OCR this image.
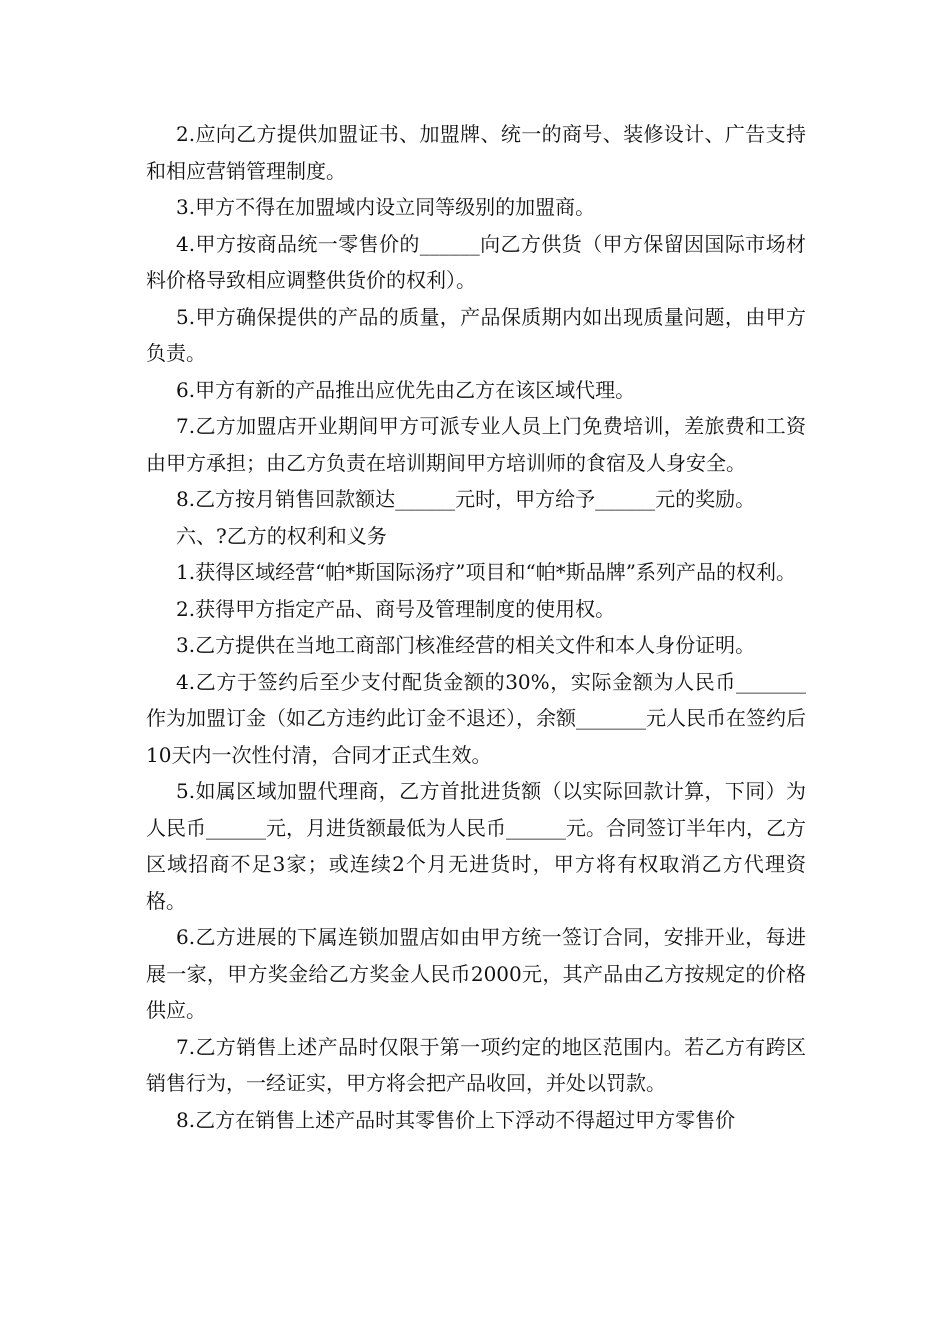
2.应向乙方提供加盟证书、加盟牌、统一的商号、装修设计、广告支持和相应营销管理制度。

3.甲方不得在加盟域内设立同等级别的加盟商。

4.甲方按商品统一零售价的______向乙方供货（甲方保留因国际市场材料价格导致相应调整供货价的权利）。

5.甲方确保提供的产品的质量，产品保质期内如出现质量问题，由甲方负责。

6.甲方有新的产品推出应优先由乙方在该区域代理。

7.乙方加盟店开业期间甲方可派专业人员上门免费培训，差旅费和工资由甲方承担；由乙方负责在培训期间甲方培训师的食宿及人身安全。

8.乙方按月销售回款额达______元时，甲方给予______元的奖励。

六、?乙方的权利和义务

1.获得区域经营“帕*斯国际汤疗”项目和“帕*斯品牌”系列产品的权利。

2.获得甲方指定产品、商号及管理制度的使用权。

3.乙方提供在当地工商部门核准经营的相关文件和本人身份证明。

4.乙方于签约后至少支付配货金额的30%，实际金额为人民币_______作为加盟订金（如乙方违约此订金不退还），余额_______元人民币在签约后10天内一次性付清，合同才正式生效。

5.如属区域加盟代理商，乙方首批进货额（以实际回款计算，下同）为人民币______元，月进货额最低为人民币______元。合同签订半年内，乙方区域招商不足3家；或连续2个月无进货时，甲方将有权取消乙方代理资格。

6.乙方进展的下属连锁加盟店如由甲方统一签订合同，安排开业，每进展一家，甲方奖金给乙方奖金人民币2000元，其产品由乙方按规定的价格供应。

7.乙方销售上述产品时仅限于第一项约定的地区范围内。若乙方有跨区销售行为，一经证实，甲方将会把产品收回，并处以罚款。

8.乙方在销售上述产品时其零售价上下浮动不得超过甲方零售价
